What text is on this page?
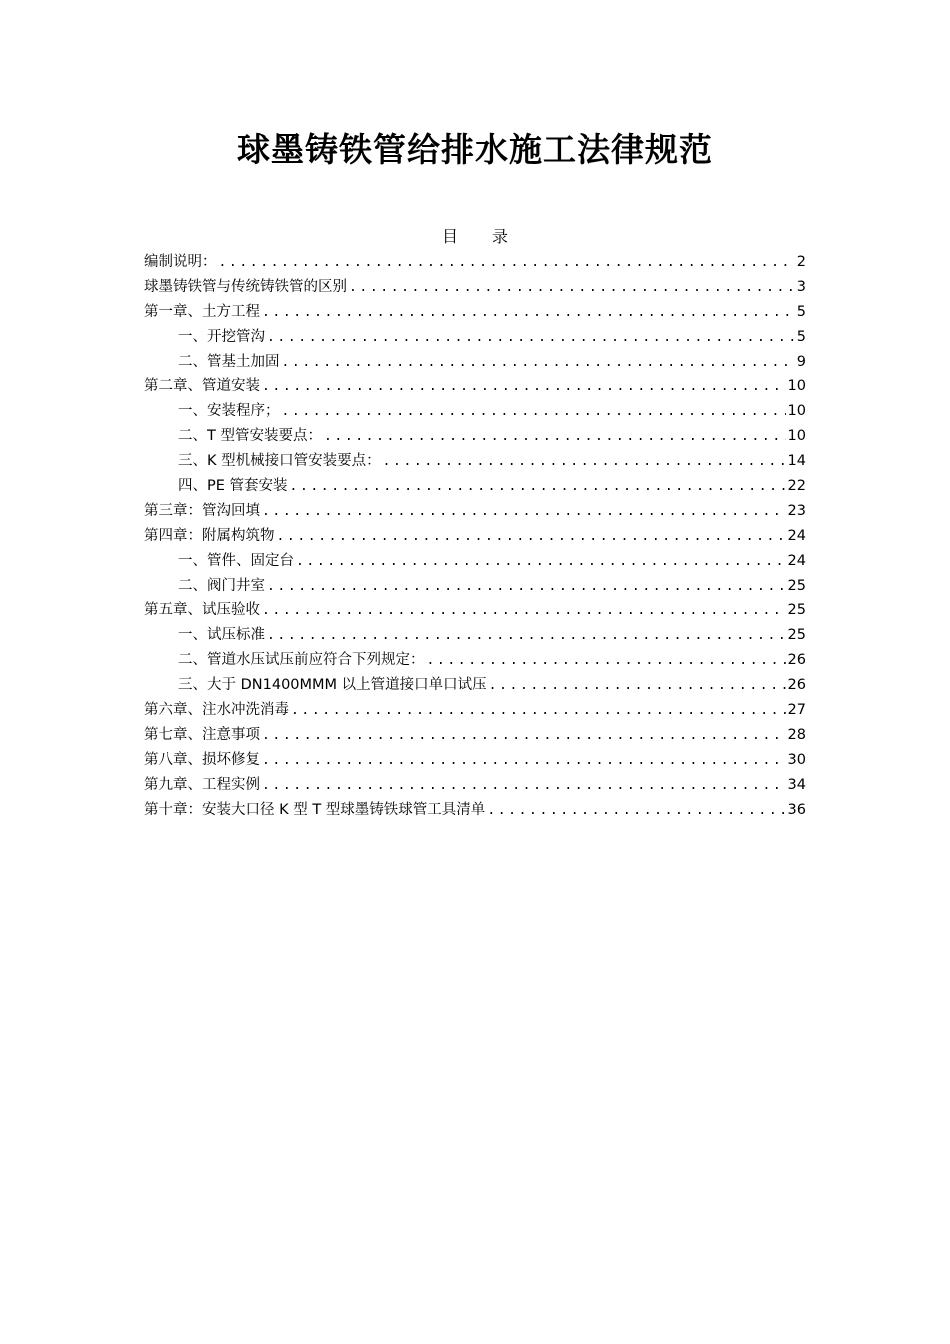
球墨铸铁管给排水施工法律规范
目录
编制说明： .....	2
球墨铸铁管与传统铸铁管的区别 .....	3
第一章、土方工程 .....	5
一、开挖管沟 .....	5
二、管基土加固 .....	9
第二章、管道安装 .....	10
一、安装程序； .....	10
二、T 型管安装要点： .....	10
三、K 型机械接口管安装要点： .....	14
四、PE 管套安装 .....	22
第三章：管沟回填 .....	23
第四章：附属构筑物 .....	24
一、管件、固定台 .....	24
二、阀门井室 .....	25
第五章、试压验收 .....	25
一、试压标准 .....	25
二、管道水压试压前应符合下列规定： .....	26
三、大于 DN1400MMM 以上管道接口单口试压 .....	26
第六章、注水冲洗消毒 .....	27
第七章、注意事项 .....	28
第八章、损坏修复 .....	30
第九章、工程实例 .....	34
第十章：安装大口径 K 型 T 型球墨铸铁球管工具清单 .....	36
